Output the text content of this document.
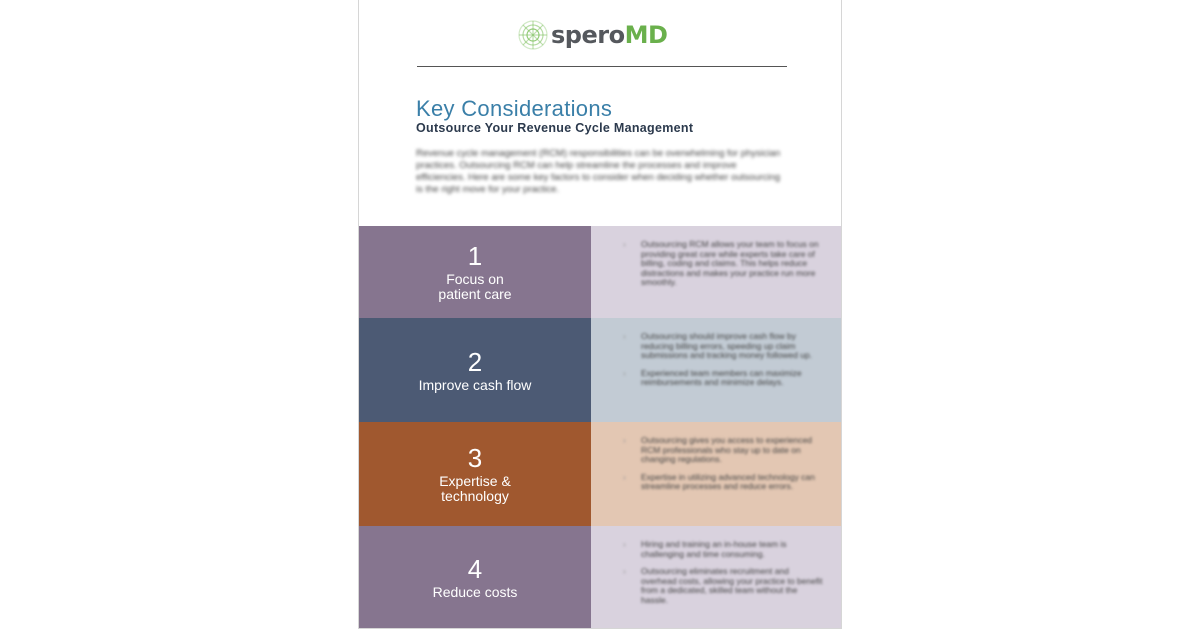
speroMD
Key Considerations
Outsource Your Revenue Cycle Management
Revenue cycle management (RCM) responsibilities can be overwhelming for physician practices. Outsourcing RCM can help streamline the processes and improve efficiencies. Here are some key factors to consider when deciding whether outsourcing is the right move for your practice.
1
Focus on patient care
› Outsourcing RCM allows your team to focus on providing great care while experts take care of billing, coding and claims. This helps reduce distractions and makes your practice run more smoothly.
2
Improve cash flow
› Outsourcing should improve cash flow by reducing billing errors, speeding up claim submissions and tracking money followed up.
› Experienced team members can maximize reimbursements and minimize delays.
3
Expertise & technology
› Outsourcing gives you access to experienced RCM professionals who stay up to date on changing regulations.
› Expertise in utilizing advanced technology can streamline processes and reduce errors.
4
Reduce costs
› Hiring and training an in-house team is challenging and time consuming.
› Outsourcing eliminates recruitment and overhead costs, allowing your practice to benefit from a dedicated, skilled team without the hassle.
